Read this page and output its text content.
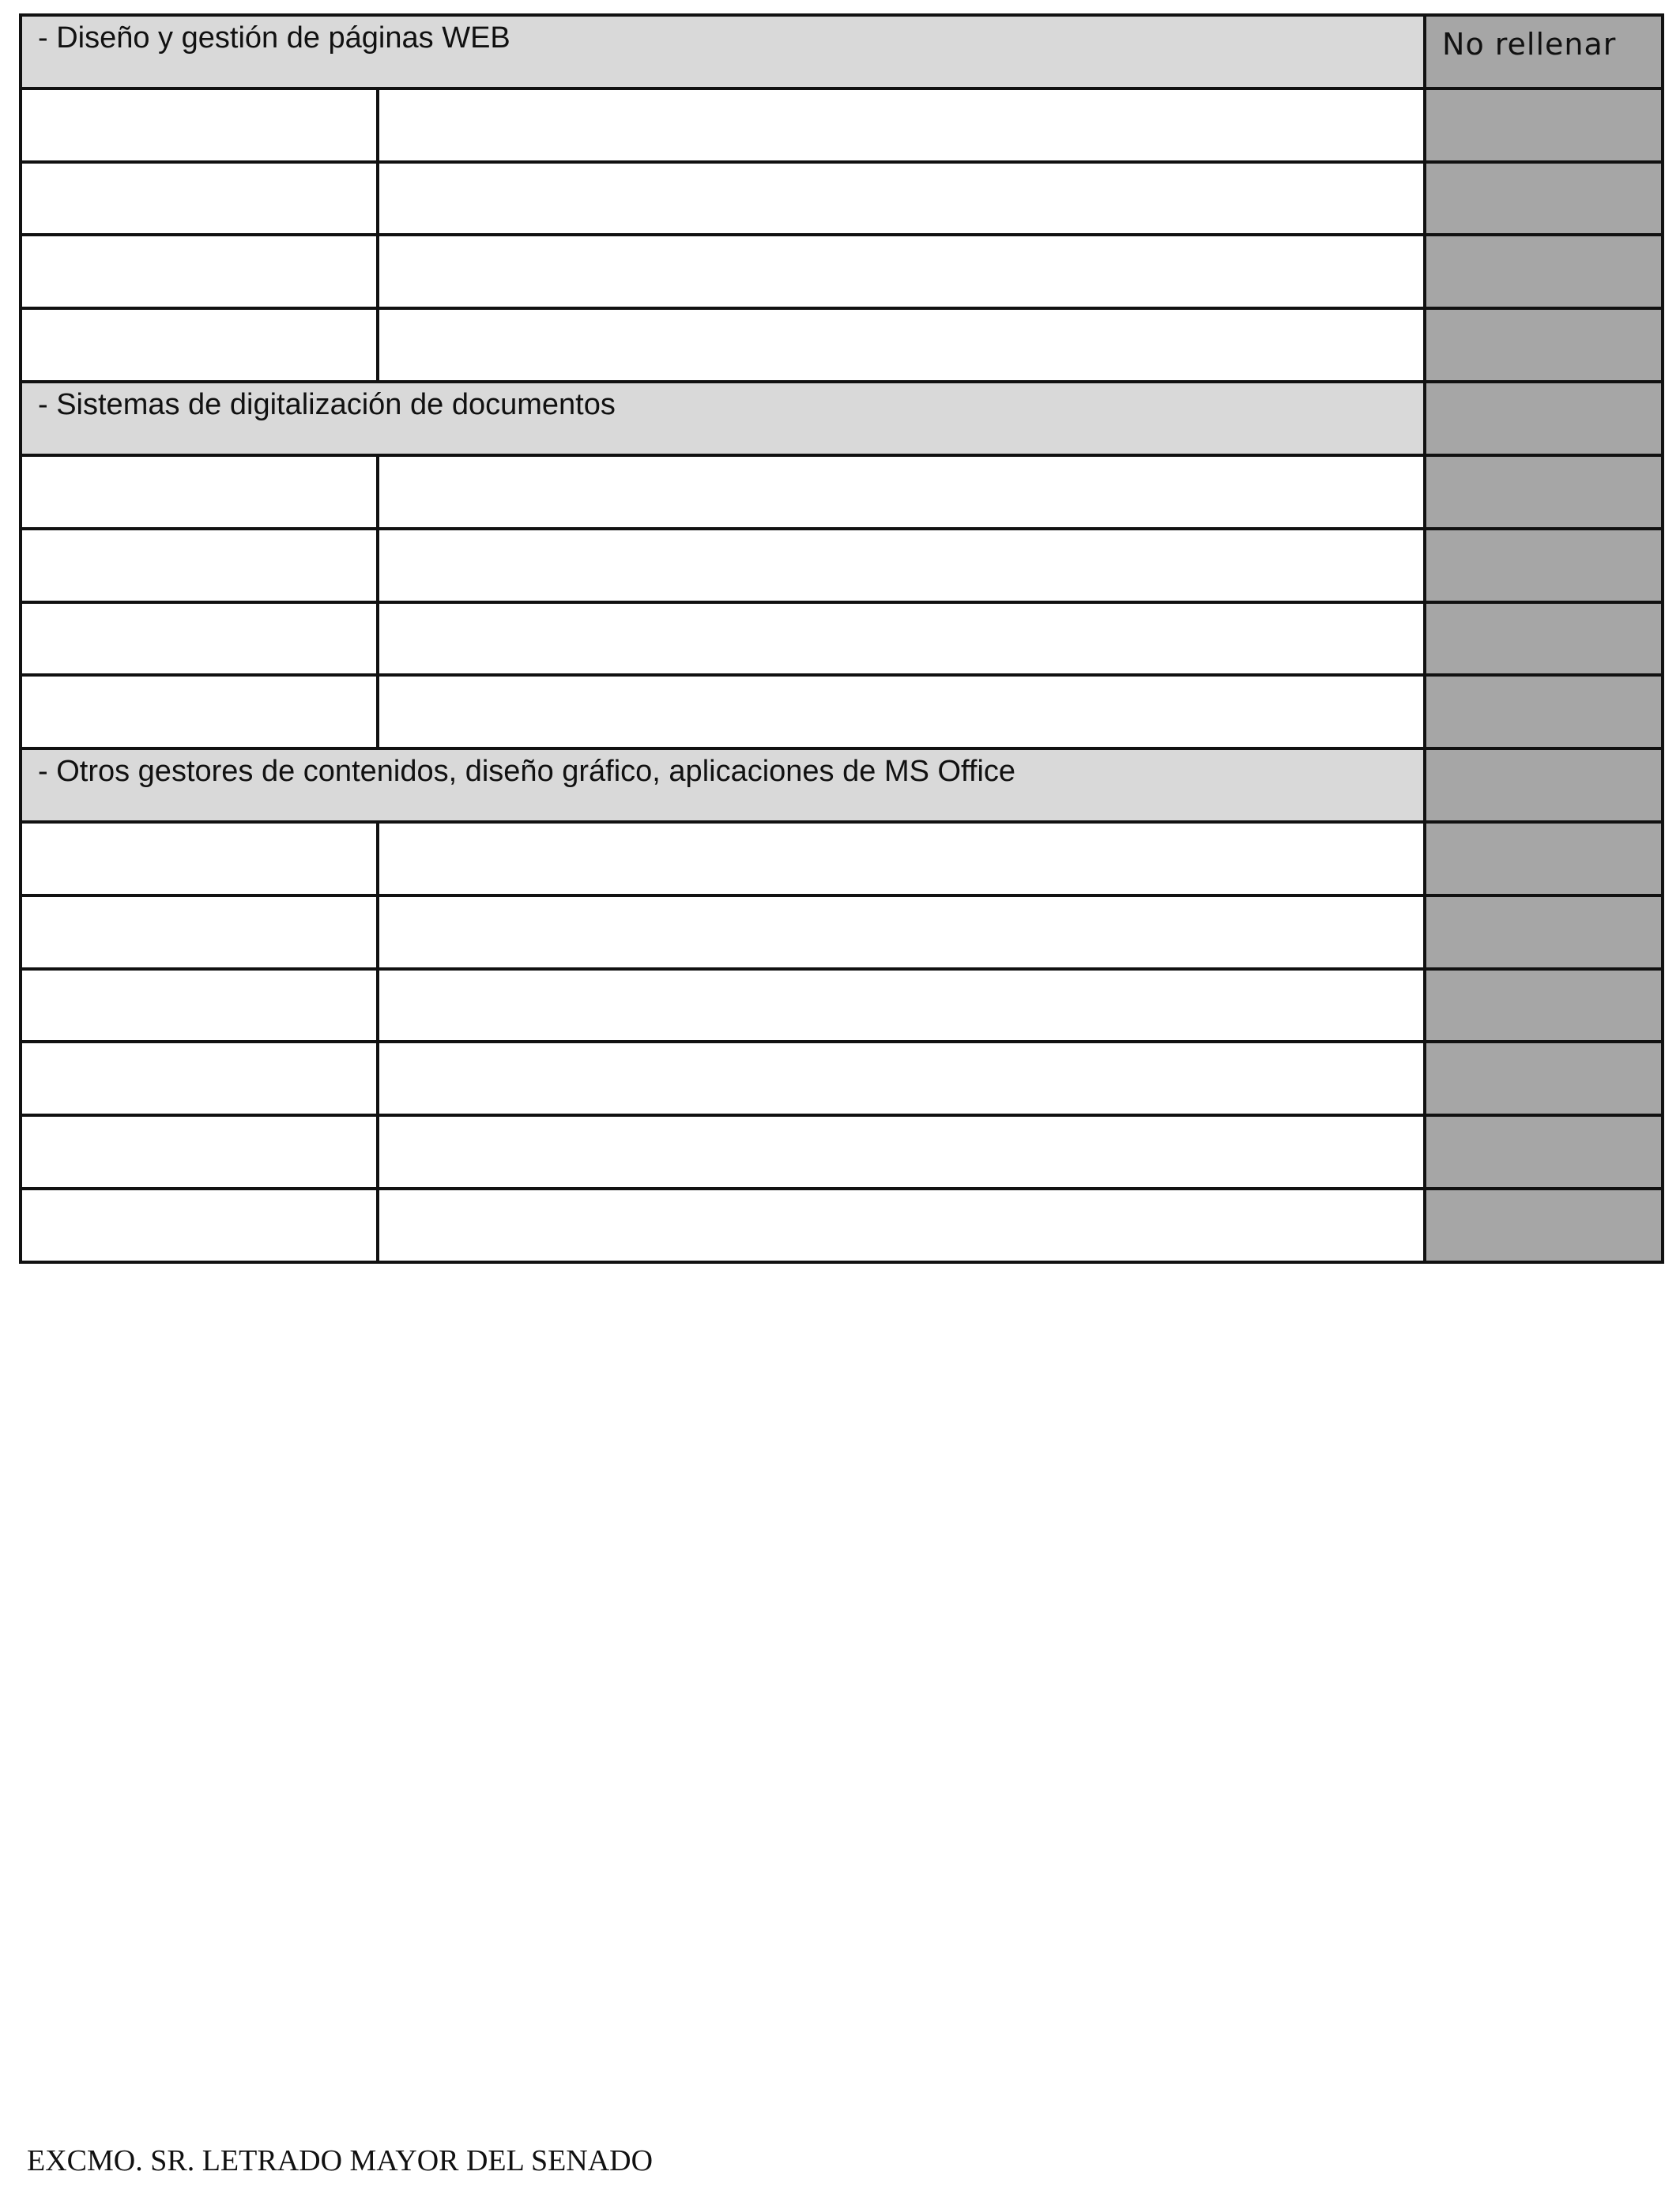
- Diseño y gestión de páginas WEB		No rellenar

- Sistemas de digitalización de documentos		

- Otros gestores de contenidos, diseño gráfico, aplicaciones de MS Office		

EXCMO. SR. LETRADO MAYOR DEL SENADO
